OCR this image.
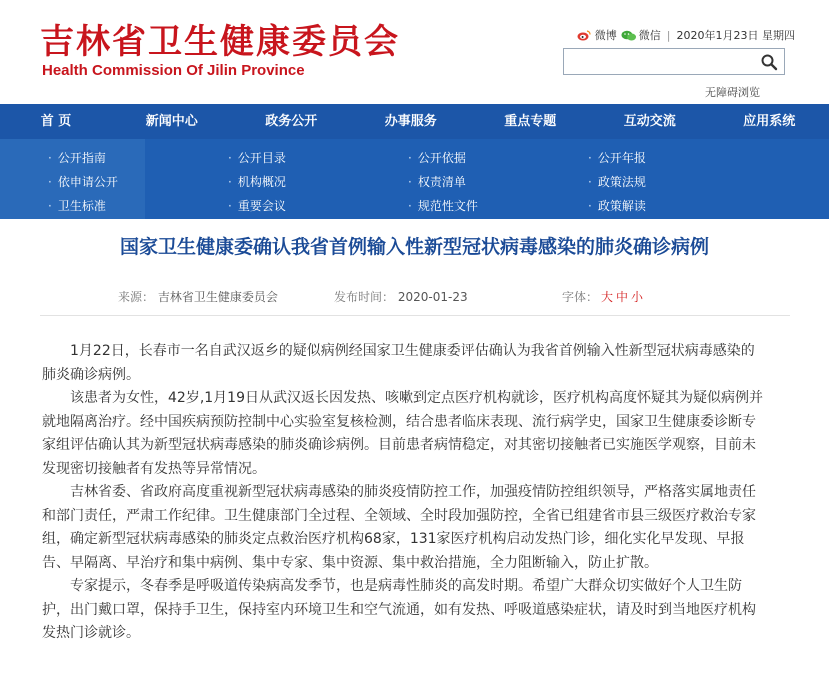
吉林省卫生健康委员会
Health Commission Of Jilin Province
微博 微信 | 2020年1月23日 星期四
无障碍浏览
首 页	新闻中心	政务公开	办事服务	重点专题	互动交流	应用系统
· 公开指南	· 公开目录	· 公开依据	· 公开年报
· 依申请公开	· 机构概况	· 权责清单	· 政策法规
· 卫生标准	· 重要会议	· 规范性文件	· 政策解读
国家卫生健康委确认我省首例输入性新型冠状病毒感染的肺炎确诊病例
来源： 吉林省卫生健康委员会	发布时间： 2020-01-23	字体： 大 中 小

1月22日，长春市一名自武汉返乡的疑似病例经国家卫生健康委评估确认为我省首例输入性新型冠状病毒感染的肺炎确诊病例。

该患者为女性，42岁,1月19日从武汉返长因发热、咳嗽到定点医疗机构就诊，医疗机构高度怀疑其为疑似病例并就地隔离治疗。经中国疾病预防控制中心实验室复核检测，结合患者临床表现、流行病学史，国家卫生健康委诊断专家组评估确认其为新型冠状病毒感染的肺炎确诊病例。目前患者病情稳定，对其密切接触者已实施医学观察，目前未发现密切接触者有发热等异常情况。

吉林省委、省政府高度重视新型冠状病毒感染的肺炎疫情防控工作，加强疫情防控组织领导，严格落实属地责任和部门责任，严肃工作纪律。卫生健康部门全过程、全领域、全时段加强防控，全省已组建省市县三级医疗救治专家组，确定新型冠状病毒感染的肺炎定点救治医疗机构68家，131家医疗机构启动发热门诊，细化实化早发现、早报告、早隔离、早治疗和集中病例、集中专家、集中资源、集中救治措施，全力阻断输入，防止扩散。

专家提示，冬春季是呼吸道传染病高发季节，也是病毒性肺炎的高发时期。希望广大群众切实做好个人卫生防护，出门戴口罩，保持手卫生，保持室内环境卫生和空气流通，如有发热、呼吸道感染症状，请及时到当地医疗机构发热门诊就诊。
